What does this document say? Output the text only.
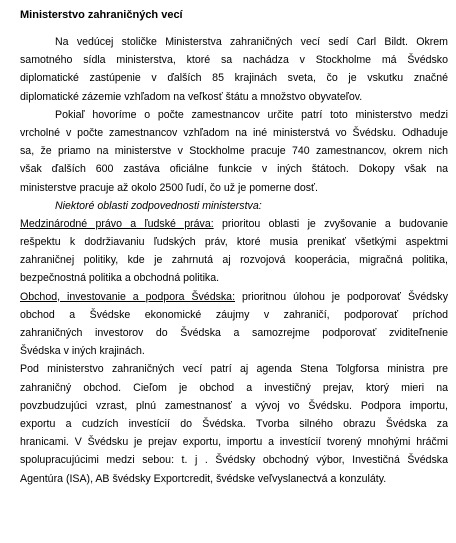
Ministerstvo zahraničných vecí
Na vedúcej stoličke Ministerstva zahraničných vecí sedí Carl Bildt. Okrem
samotného sídla ministerstva, ktoré sa nachádza v Stockholme má Švédsko
diplomatické zastúpenie v ďalších 85 krajinách sveta, čo je vskutku značné
diplomatické zázemie vzhľadom na veľkosť štátu a množstvo obyvateľov.
Pokiaľ hovoríme o počte zamestnancov určite patrí toto ministerstvo medzi
vrcholné v počte zamestnancov vzhľadom na iné ministerstvá vo Švédsku. Odhaduje
sa, že priamo na ministerstve v Stockholme pracuje 740 zamestnancov, okrem nich
však ďalších 600 zastáva oficiálne funkcie v iných štátoch. Dokopy však na
ministerstve pracuje až okolo 2500 ľudí, čo už je pomerne dosť.
Niektoré oblasti zodpovednosti ministerstva:
Medzinárodné právo a ľudské práva: prioritou oblasti je zvyšovanie a budovanie
rešpektu k dodržiavaniu ľudských práv, ktoré musia prenikať všetkými aspektmi
zahraničnej politiky, kde je zahrnutá aj rozvojová kooperácia, migračná politika,
bezpečnostná politika a obchodná politika.
Obchod, investovanie a podpora Švédska: prioritnou úlohou je podporovať Švédsky
obchod a Švédske ekonomické záujmy v zahraničí, podporovať príchod
zahraničných investorov do Švédska a samozrejme podporovať zviditeľnenie
Švédska v iných krajinách.
Pod ministerstvo zahraničných vecí patrí aj agenda Stena Tolgforsa ministra pre
zahraničný obchod. Cieľom je obchod a investičný prejav, ktorý mieri na
povzbudzujúci vzrast, plnú zamestnanosť a vývoj vo Švédsku. Podpora importu,
exportu a cudzích investícií do Švédska. Tvorba silného obrazu Švédska za
hranicami. V Švédsku je prejav exportu, importu a investícií tvorený mnohými hráčmi
spolupracujúcimi medzi sebou: t. j . Švédsky obchodný výbor, Investičná Švédska
Agentúra (ISA), AB švédsky Exportcredit, švédske veľvyslanectvá a konzuláty.
